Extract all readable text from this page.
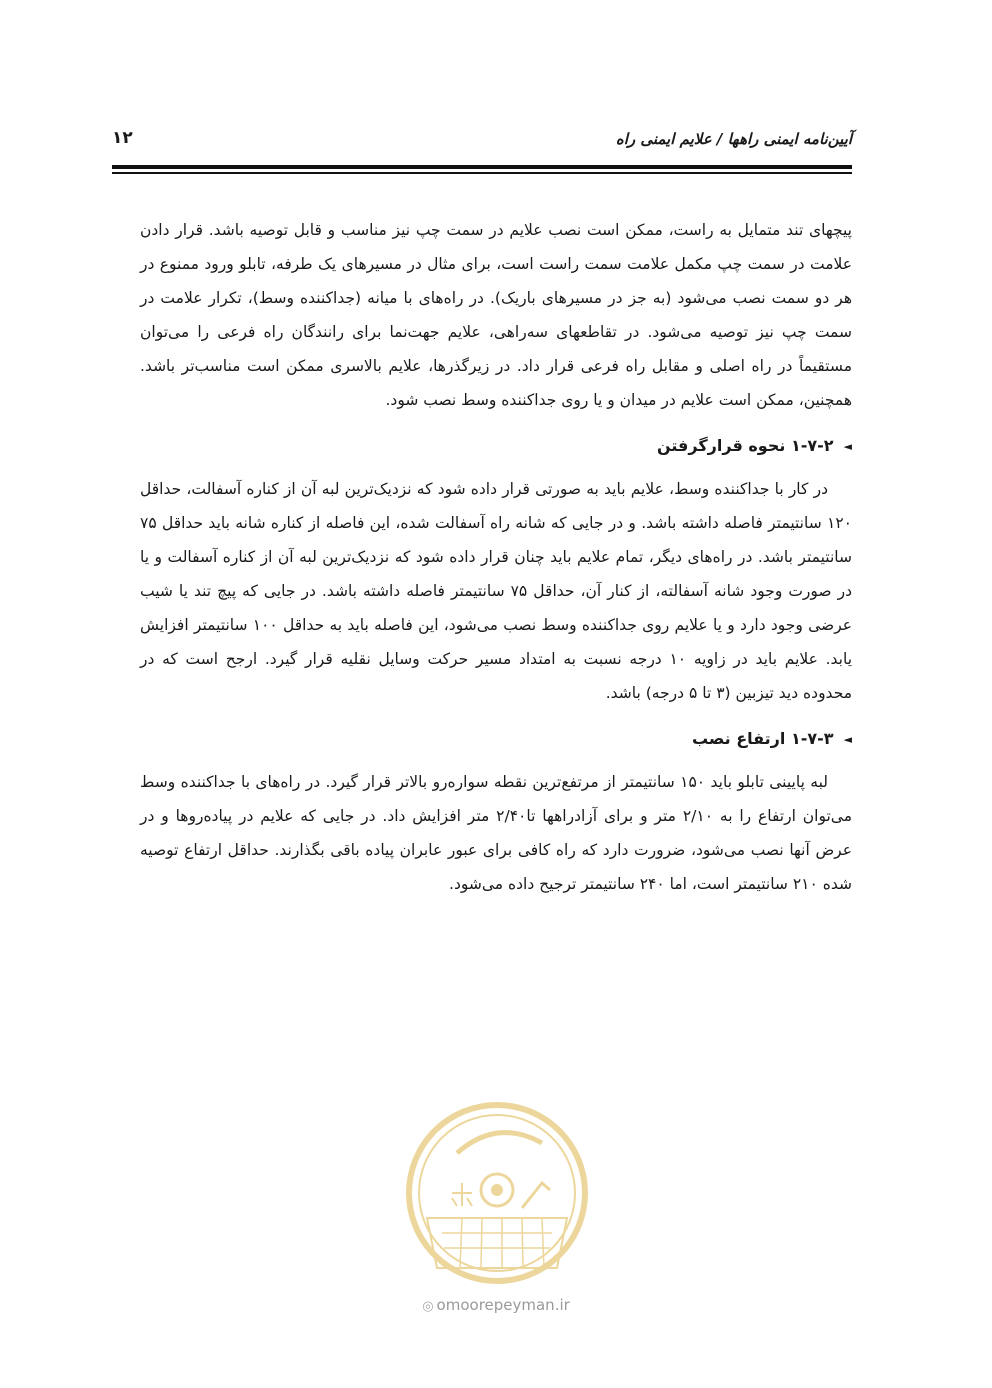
آیین‌نامه ایمنی راهها / علایم ایمنی راه
۱۲

پیچهای تند متمایل به راست، ممکن است نصب علایم در سمت چپ نیز مناسب و قابل توصیه باشد. قرار دادن علامت در سمت چپ مکمل علامت سمت راست است، برای مثال در مسیرهای یک طرفه، تابلو ورود ممنوع در هر دو سمت نصب می‌شود (به جز در مسیرهای باریک). در راه‌های با میانه (جداکننده وسط)، تکرار علامت در سمت چپ نیز توصیه می‌شود. در تقاطعهای سه‌راهی، علایم جهت‌نما برای رانندگان راه فرعی را می‌توان مستقیماً در راه اصلی و مقابل راه فرعی قرار داد. در زیرگذرها، علایم بالاسری ممکن است مناسب‌تر باشد. همچنین، ممکن است علایم در میدان و یا روی جداکننده وسط نصب شود.

◄۱-۷-۲ نحوه قرارگرفتن

در کار با جداکننده وسط، علایم باید به صورتی قرار داده شود که نزدیک‌ترین لبه آن از کناره آسفالت، حداقل ۱۲۰ سانتیمتر فاصله داشته باشد. و در جایی که شانه راه آسفالت شده، این فاصله از کناره شانه باید حداقل ۷۵ سانتیمتر باشد. در راه‌های دیگر، تمام علایم باید چنان قرار داده شود که نزدیک‌ترین لبه آن از کناره آسفالت و یا در صورت وجود شانه آسفالته، از کنار آن، حداقل ۷۵ سانتیمتر فاصله داشته باشد. در جایی که پیچ تند یا شیب عرضی وجود دارد و یا علایم روی جداکننده وسط نصب می‌شود، این فاصله باید به حداقل ۱۰۰ سانتیمتر افزایش یابد. علایم باید در زاویه ۱۰ درجه نسبت به امتداد مسیر حرکت وسایل نقلیه قرار گیرد. ارجح است که در محدوده دید تیزبین (۳ تا ۵ درجه) باشد.

◄۱-۷-۳ ارتفاع نصب

لبه پایینی تابلو باید ۱۵۰ سانتیمتر از مرتفع‌ترین نقطه سواره‌رو بالاتر قرار گیرد. در راه‌های با جداکننده وسط می‌توان ارتفاع را به ۲/۱۰ متر و برای آزادراهها تا۲/۴۰ متر افزایش داد. در جایی که علایم در پیاده‌روها و در عرض آنها نصب می‌شود، ضرورت دارد که راه کافی برای عبور عابران پیاده باقی بگذارند. حداقل ارتفاع توصیه شده ۲۱۰ سانتیمتر است، اما ۲۴۰ سانتیمتر ترجیح داده می‌شود.

◎ omoorepeyman.ir
